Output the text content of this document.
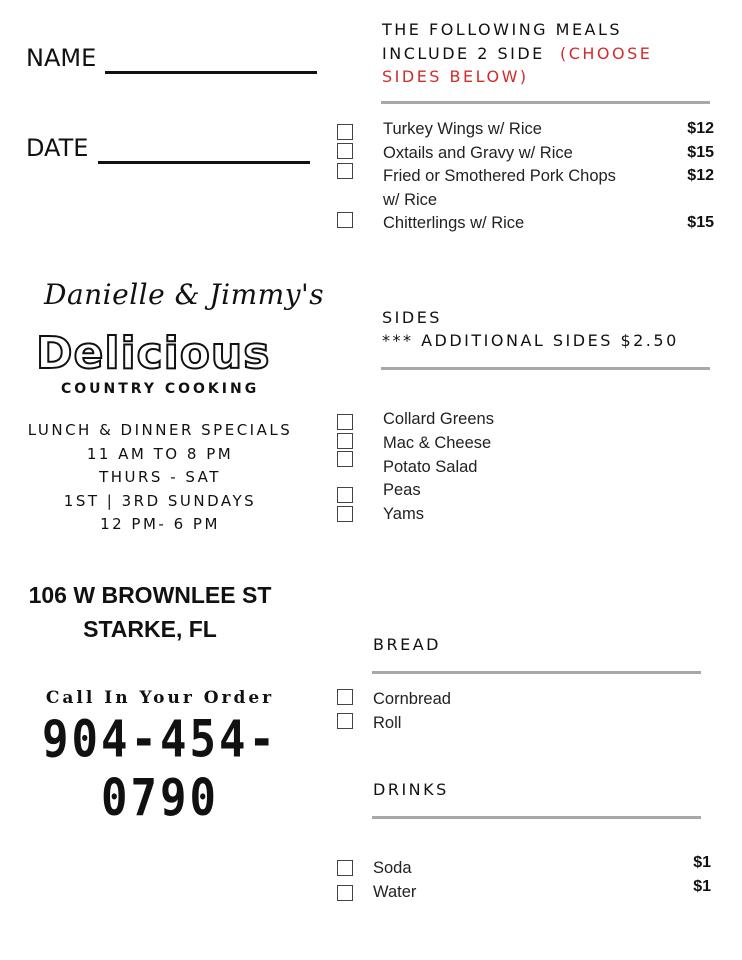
NAME
DATE
Danielle & Jimmy's
Delicious
COUNTRY COOKING
LUNCH & DINNER SPECIALS
11 AM TO 8 PM
THURS - SAT
1ST | 3RD SUNDAYS
12 PM- 6 PM
106 W BROWNLEE ST
STARKE, FL
Call In Your Order
904-454-0790
THE FOLLOWING MEALS
INCLUDE 2 SIDE (CHOOSE
SIDES BELOW)
Turkey Wings w/ Rice	$12
Oxtails and Gravy w/ Rice	$15
Fried or Smothered Pork Chops	$12
w/ Rice
Chitterlings w/ Rice	$15
SIDES
*** ADDITIONAL SIDES $2.50
Collard Greens
Mac & Cheese
Potato Salad
Peas
Yams
BREAD
Cornbread
Roll
DRINKS
Soda	$1
Water	$1
